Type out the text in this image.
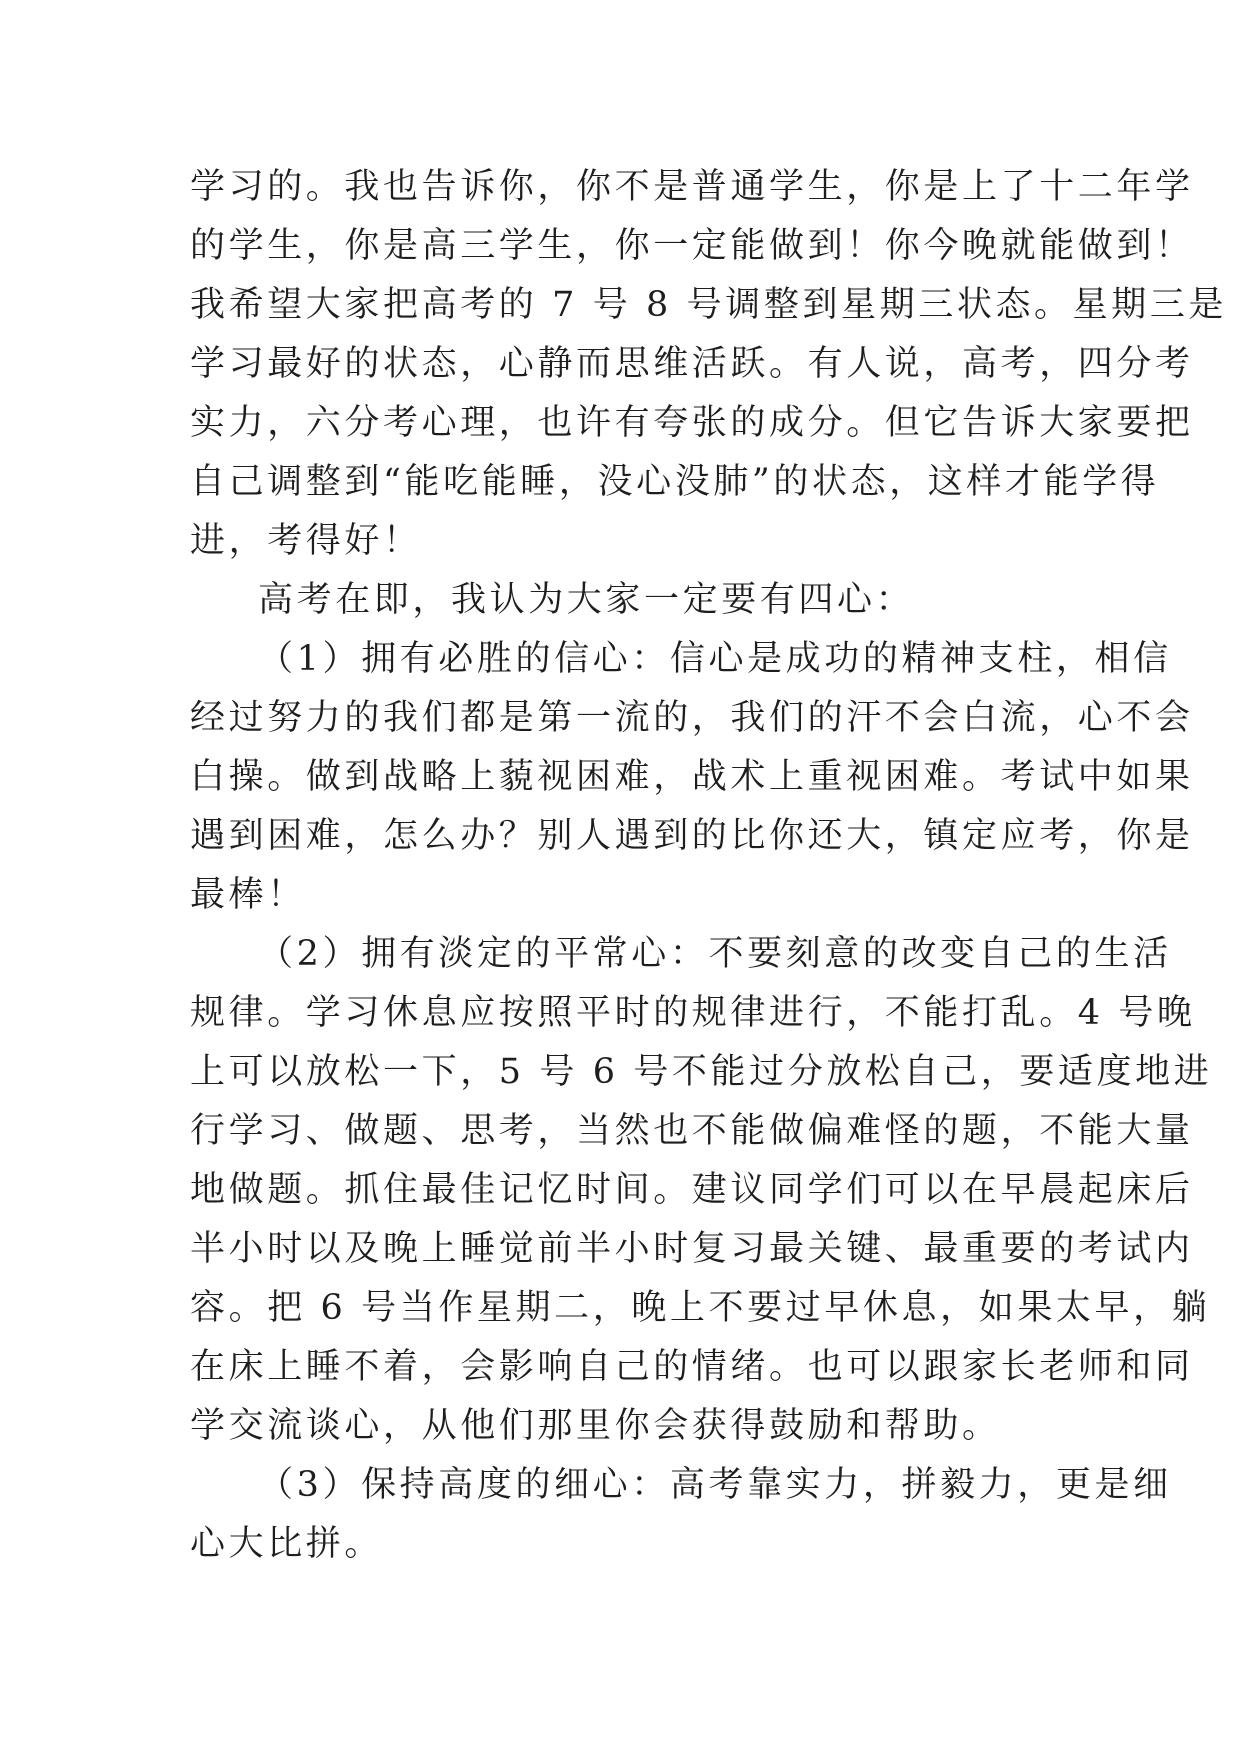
学习的。我也告诉你，你不是普通学生，你是上了十二年学
的学生，你是高三学生，你一定能做到！你今晚就能做到！
我希望大家把高考的 7 号 8 号调整到星期三状态。星期三是
学习最好的状态，心静而思维活跃。有人说，高考，四分考
实力，六分考心理，也许有夸张的成分。但它告诉大家要把
自己调整到“能吃能睡，没心没肺”的状态，这样才能学得
进，考得好！
高考在即，我认为大家一定要有四心：
（1）拥有必胜的信心：信心是成功的精神支柱，相信
经过努力的我们都是第一流的，我们的汗不会白流，心不会
白操。做到战略上藐视困难，战术上重视困难。考试中如果
遇到困难，怎么办？别人遇到的比你还大，镇定应考，你是
最棒！
（2）拥有淡定的平常心：不要刻意的改变自己的生活
规律。学习休息应按照平时的规律进行，不能打乱。4 号晚
上可以放松一下，5 号 6 号不能过分放松自己，要适度地进
行学习、做题、思考，当然也不能做偏难怪的题，不能大量
地做题。抓住最佳记忆时间。建议同学们可以在早晨起床后
半小时以及晚上睡觉前半小时复习最关键、最重要的考试内
容。把 6 号当作星期二，晚上不要过早休息，如果太早，躺
在床上睡不着，会影响自己的情绪。也可以跟家长老师和同
学交流谈心，从他们那里你会获得鼓励和帮助。
（3）保持高度的细心：高考靠实力，拼毅力，更是细
心大比拼。
